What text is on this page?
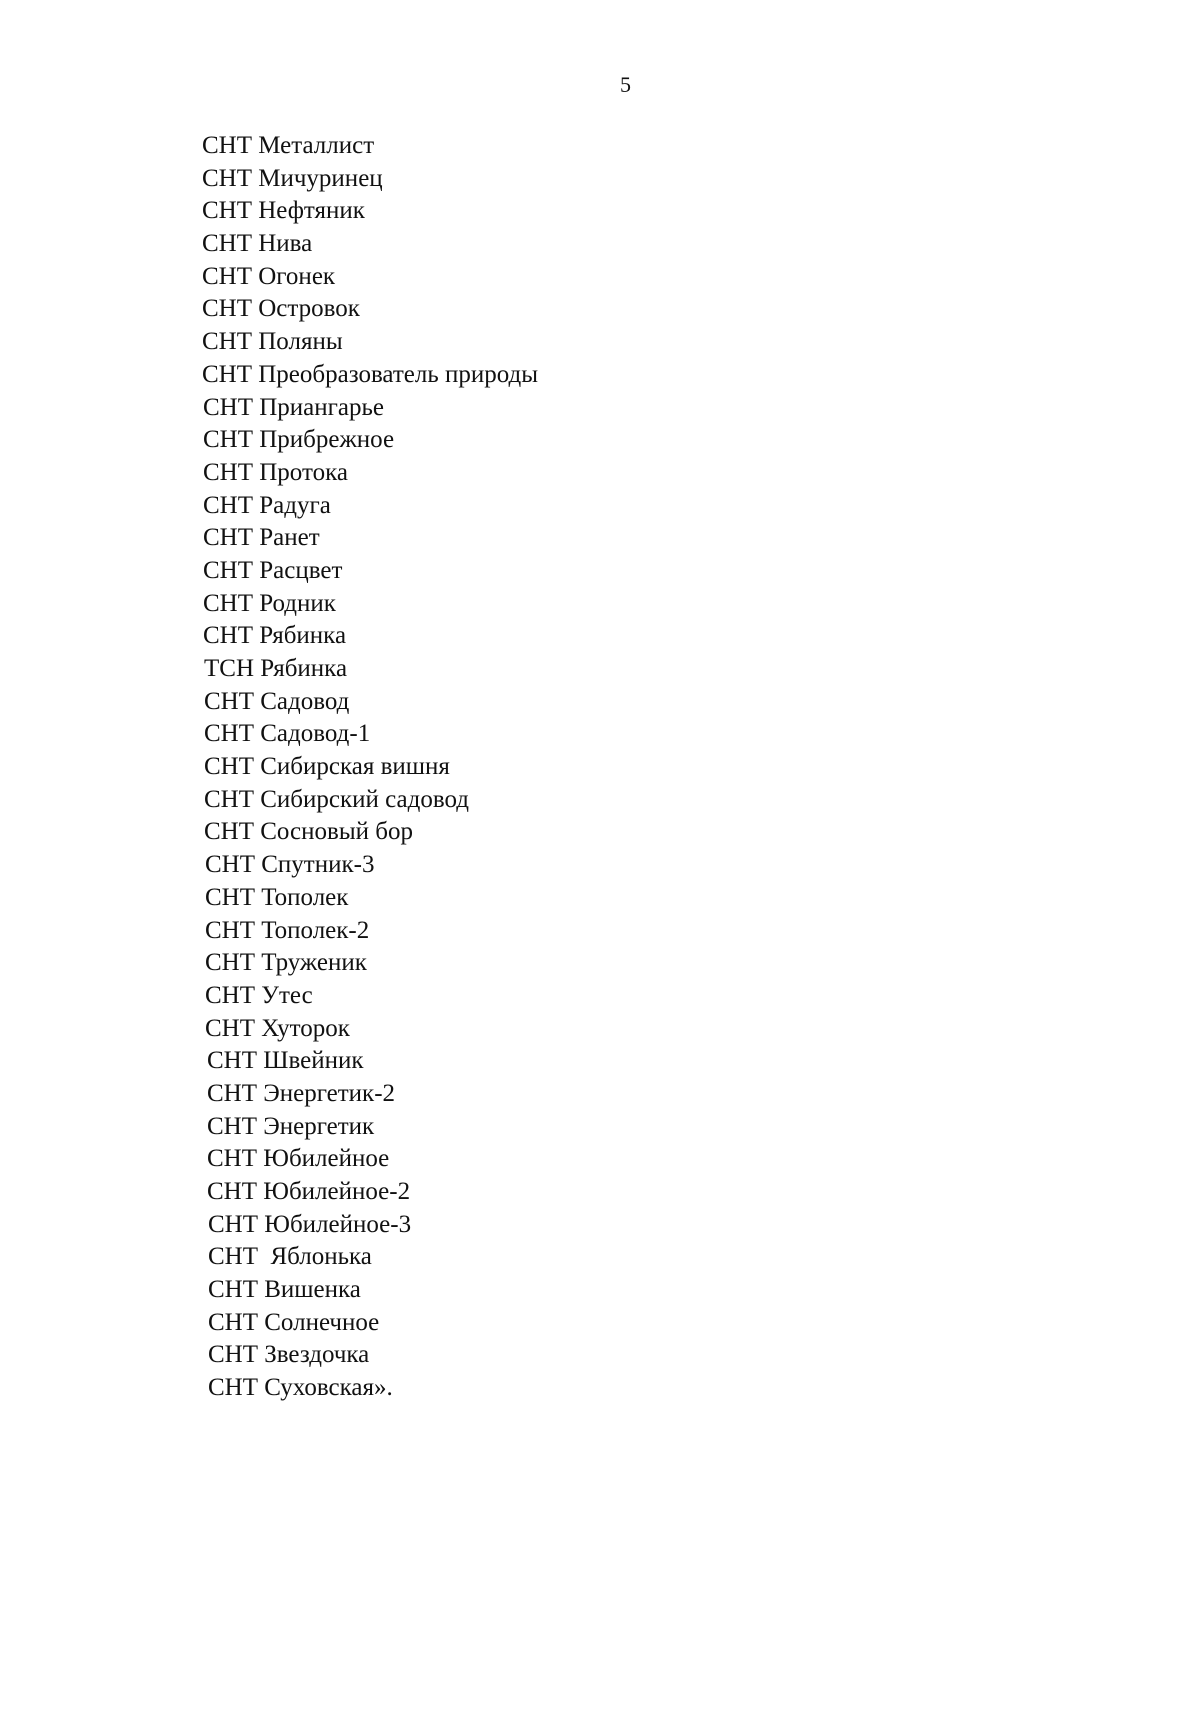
5
СНТ Металлист
СНТ Мичуринец
СНТ Нефтяник
СНТ Нива
СНТ Огонек
СНТ Островок
СНТ Поляны
СНТ Преобразователь природы
СНТ Приангарье
СНТ Прибрежное
СНТ Протока
СНТ Радуга
СНТ Ранет
СНТ Расцвет
СНТ Родник
СНТ Рябинка
ТСН Рябинка
СНТ Садовод
СНТ Садовод-1
СНТ Сибирская вишня
СНТ Сибирский садовод
СНТ Сосновый бор
СНТ Спутник-3
СНТ Тополек
СНТ Тополек-2
СНТ Труженик
СНТ Утес
СНТ Хуторок
СНТ Швейник
СНТ Энергетик-2
СНТ Энергетик
СНТ Юбилейное
СНТ Юбилейное-2
СНТ Юбилейное-3
СНТ  Яблонька
СНТ Вишенка
СНТ Солнечное
СНТ Звездочка
СНТ Суховская».
